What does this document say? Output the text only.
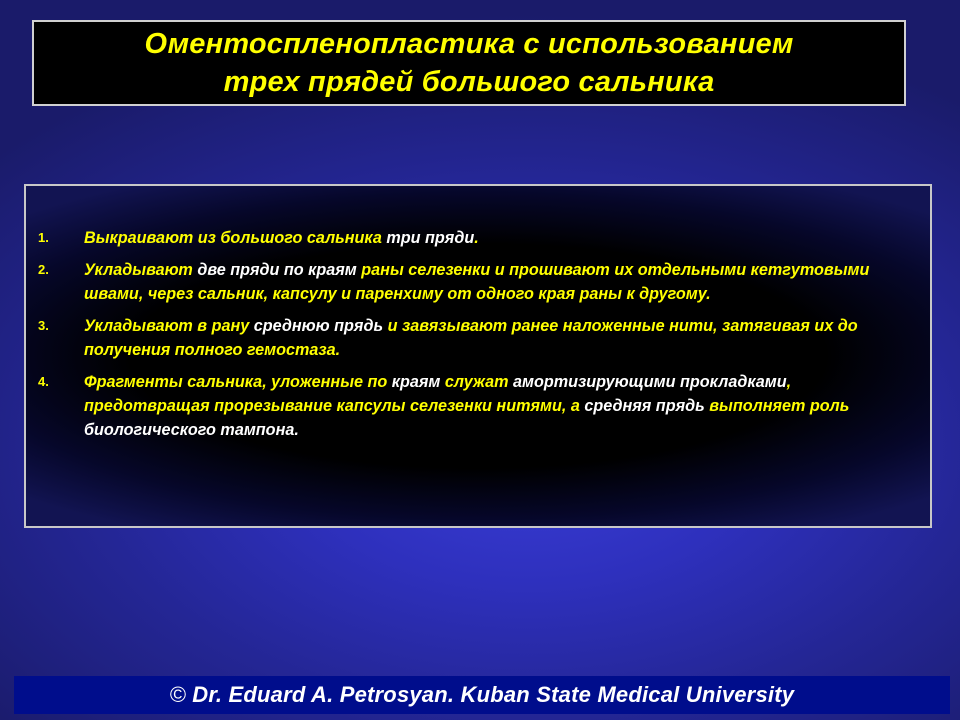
Оментоспленопластика с использованием
трех прядей большого сальника
1.	Выкраивают из большого сальника три пряди.
2.	Укладывают две пряди по краям раны селезенки и прошивают их отдельными кетгутовыми швами, через сальник, капсулу и паренхиму от одного края раны к другому.
3.	Укладывают в рану среднюю прядь и завязывают ранее наложенные нити, затягивая их до получения полного гемостаза.
4.	Фрагменты сальника, уложенные по краям служат амортизирующими прокладками, предотвращая прорезывание капсулы селезенки нитями, а средняя прядь выполняет роль биологического тампона.
© Dr. Eduard A. Petrosyan. Kuban State Medical University
